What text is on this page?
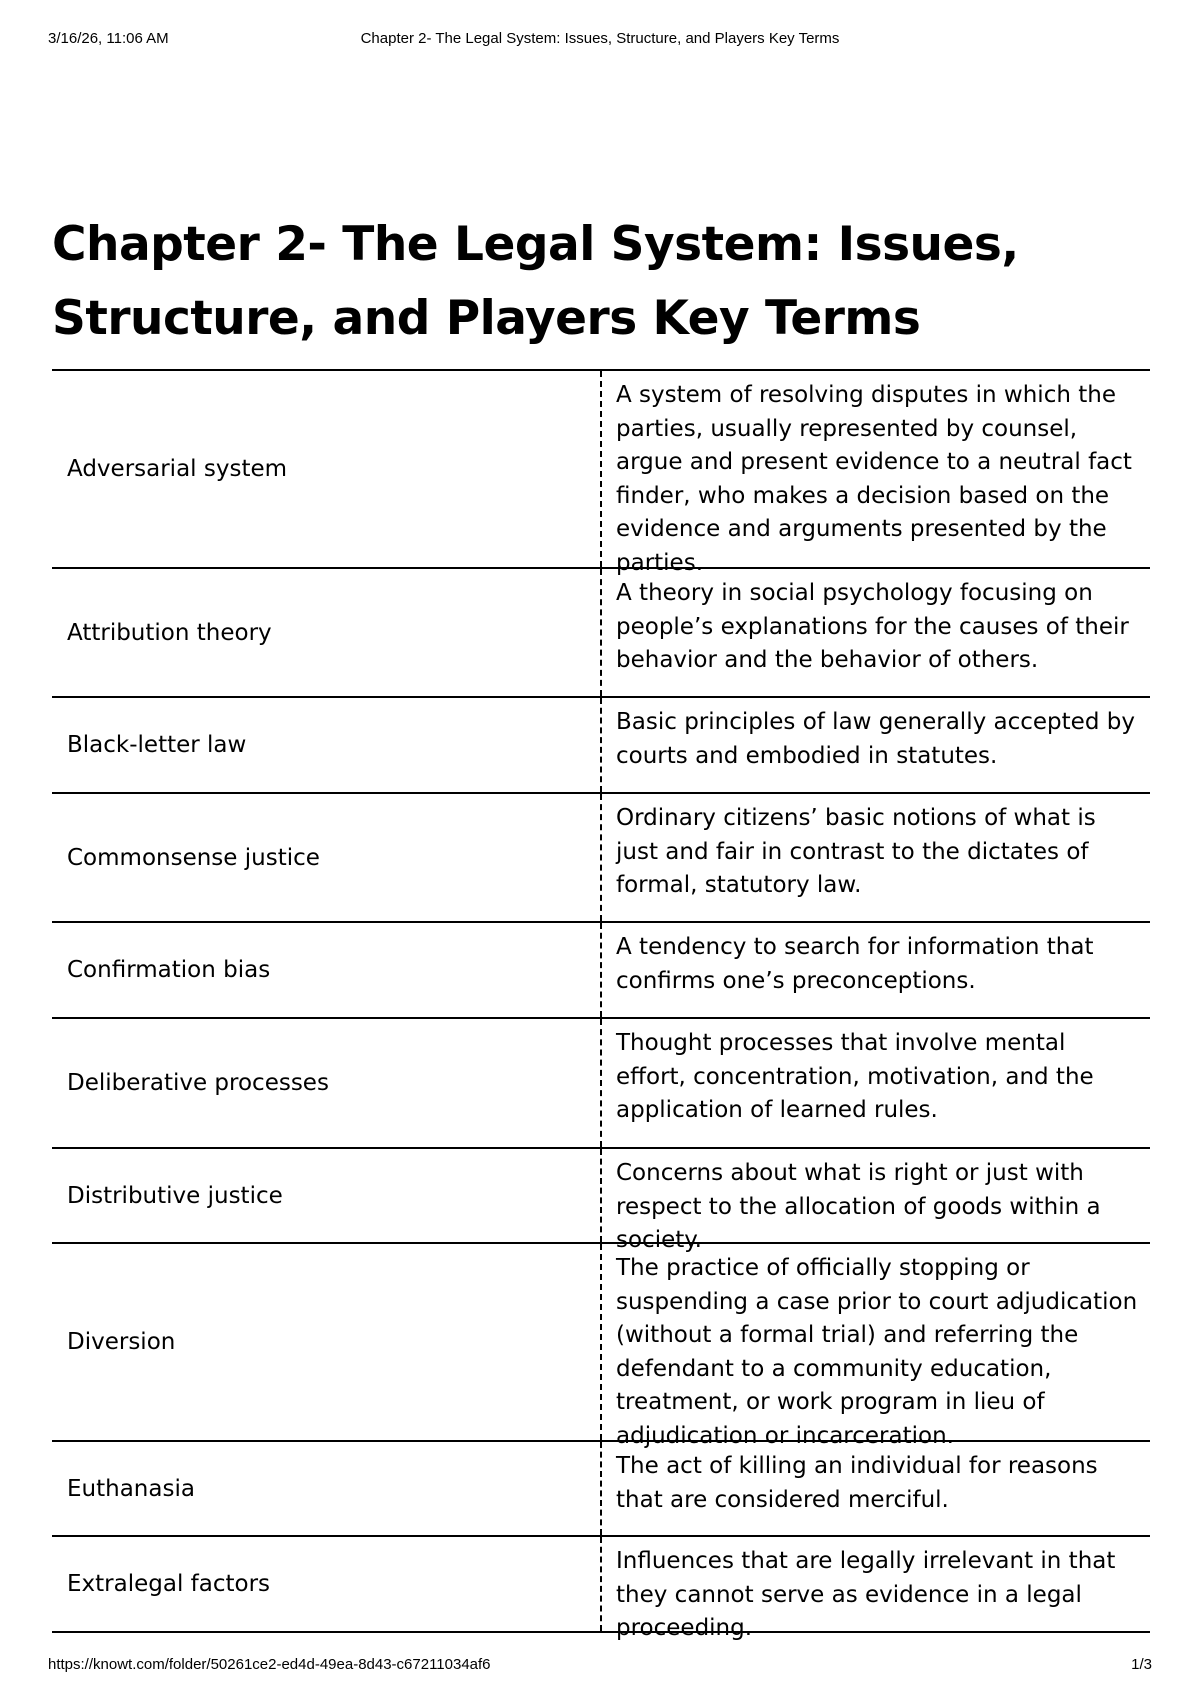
3/16/26, 11:06 AM	Chapter 2- The Legal System: Issues, Structure, and Players Key Terms
Chapter 2- The Legal System: Issues, Structure, and Players Key Terms
Adversarial system
A system of resolving disputes in which the parties, usually represented by counsel, argue and present evidence to a neutral fact finder, who makes a decision based on the evidence and arguments presented by the parties.
Attribution theory
A theory in social psychology focusing on people’s explanations for the causes of their behavior and the behavior of others.
Black-letter law
Basic principles of law generally accepted by courts and embodied in statutes.
Commonsense justice
Ordinary citizens’ basic notions of what is just and fair in contrast to the dictates of formal, statutory law.
Confirmation bias
A tendency to search for information that confirms one’s preconceptions.
Deliberative processes
Thought processes that involve mental effort, concentration, motivation, and the application of learned rules.
Distributive justice
Concerns about what is right or just with respect to the allocation of goods within a society.
Diversion
The practice of officially stopping or suspending a case prior to court adjudication (without a formal trial) and referring the defendant to a community education, treatment, or work program in lieu of adjudication or incarceration.
Euthanasia
The act of killing an individual for reasons that are considered merciful.
Extralegal factors
Influences that are legally irrelevant in that they cannot serve as evidence in a legal proceeding.
https://knowt.com/folder/50261ce2-ed4d-49ea-8d43-c67211034af6	1/3
